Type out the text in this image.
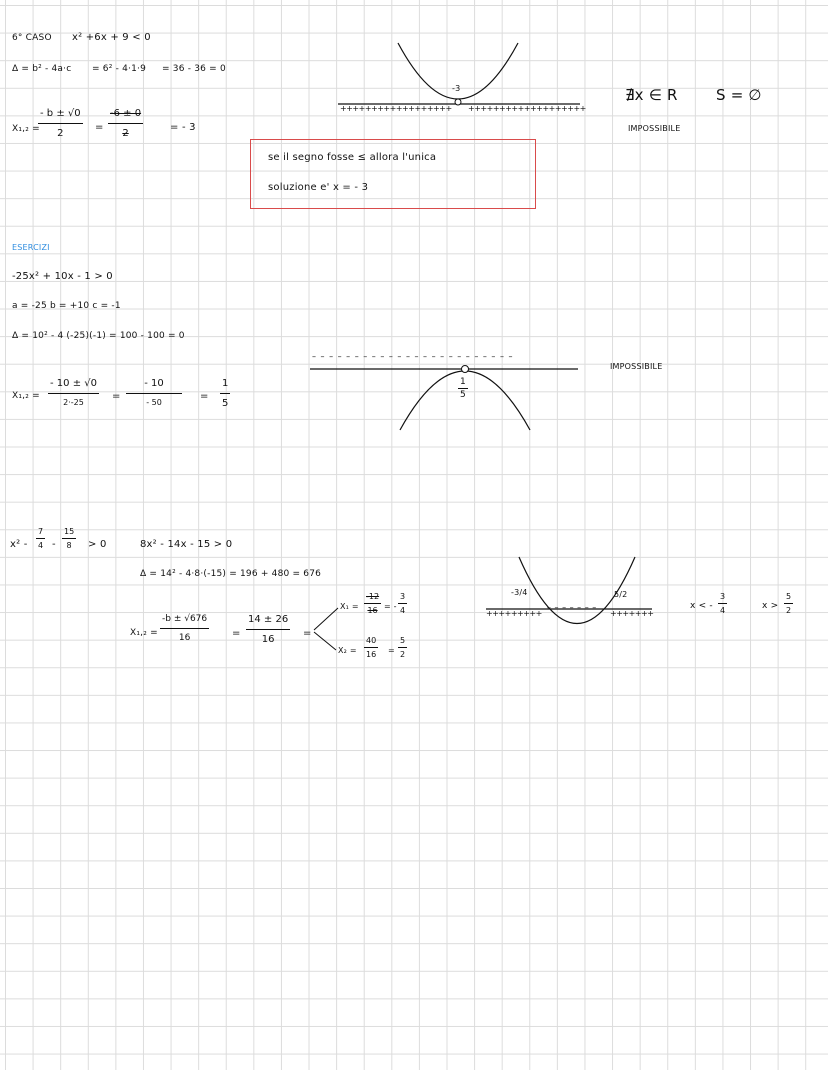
6° CASO x² +6x + 9 < 0
Δ = b² - 4a·c = 6² - 4·1·9 = 36 - 36 = 0
X₁,₂ =
- b ± √0
2
=
-6 ± 0
2
= - 3
-3
++++++++++++++++++ +++++++++++++++++++
∄x ∈ R	S = ∅
IMPOSSIBILE
se il segno fosse ≤ allora l'unica
soluzione e' x = - 3
ESERCIZI
-25x² + 10x - 1 > 0
a = -25 b = +10 c = -1
Δ = 10² - 4 (-25)(-1) = 100 - 100 = 0
X₁,₂ =
- 10 ± √0
2·-25
=
- 10
- 50
=
1
5
– – – – – – – – – – – – – – – – – – – – – – – –
1
5
IMPOSSIBILE
x² -
7
4 -
15
8 > 0	8x² - 14x - 15 > 0
Δ = 14² - 4·8·(-15) = 196 + 480 = 676
X₁,₂ =
-b ± √676
16	=
14 ± 26
16
=
X₁ =
-12
16 = -
3
4
X₂ =
40
16 =
5
2
-3/4	5/2
+++++++++
– – – – – – –
+++++++
x < -
3
4	x >
5
2
